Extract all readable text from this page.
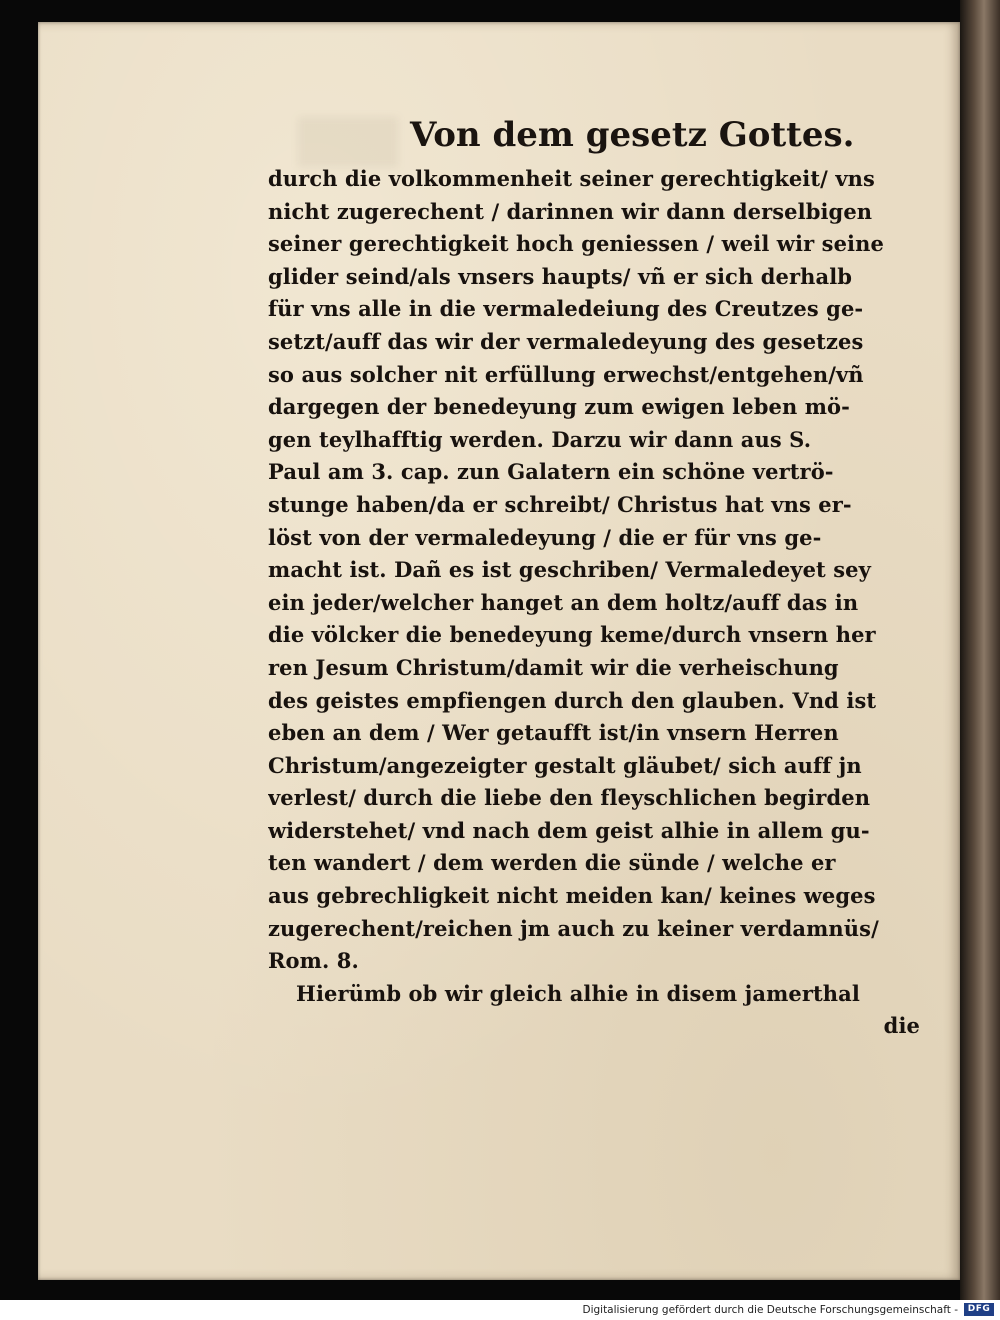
Von dem gesetz Gottes.
durch die volkommenheit seiner gerechtigkeit/ vns
nicht zugerechent / darinnen wir dann derselbigen
seiner gerechtigkeit hoch geniessen / weil wir seine
glider seind/als vnsers haupts/ vñ er sich derhalb
für vns alle in die vermaledeiung des Creutzes ge-
setzt/auff das wir der vermaledeyung des gesetzes
so aus solcher nit erfüllung erwechst/entgehen/vñ
dargegen der benedeyung zum ewigen leben mö-
gen teylhafftig werden. Darzu wir dann aus S.
Paul am 3. cap. zun Galatern ein schöne vertrö-
stunge haben/da er schreibt/ Christus hat vns er-
löst von der vermaledeyung / die er für vns ge-
macht ist. Dañ es ist geschriben/ Vermaledeyet sey
ein jeder/welcher hanget an dem holtz/auff das in
die völcker die benedeyung keme/durch vnsern her
ren Jesum Christum/damit wir die verheischung
des geistes empfiengen durch den glauben. Vnd ist
eben an dem / Wer getaufft ist/in vnsern Herren
Christum/angezeigter gestalt gläubet/ sich auff jn
verlest/ durch die liebe den fleyschlichen begirden
widerstehet/ vnd nach dem geist alhie in allem gu-
ten wandert / dem werden die sünde / welche er
aus gebrechligkeit nicht meiden kan/ keines weges
zugerechent/reichen jm auch zu keiner verdamnüs/
Rom. 8.
Hierümb ob wir gleich alhie in disem jamerthal
die
Digitalisierung gefördert durch die Deutsche Forschungsgemeinschaft -	DFG
